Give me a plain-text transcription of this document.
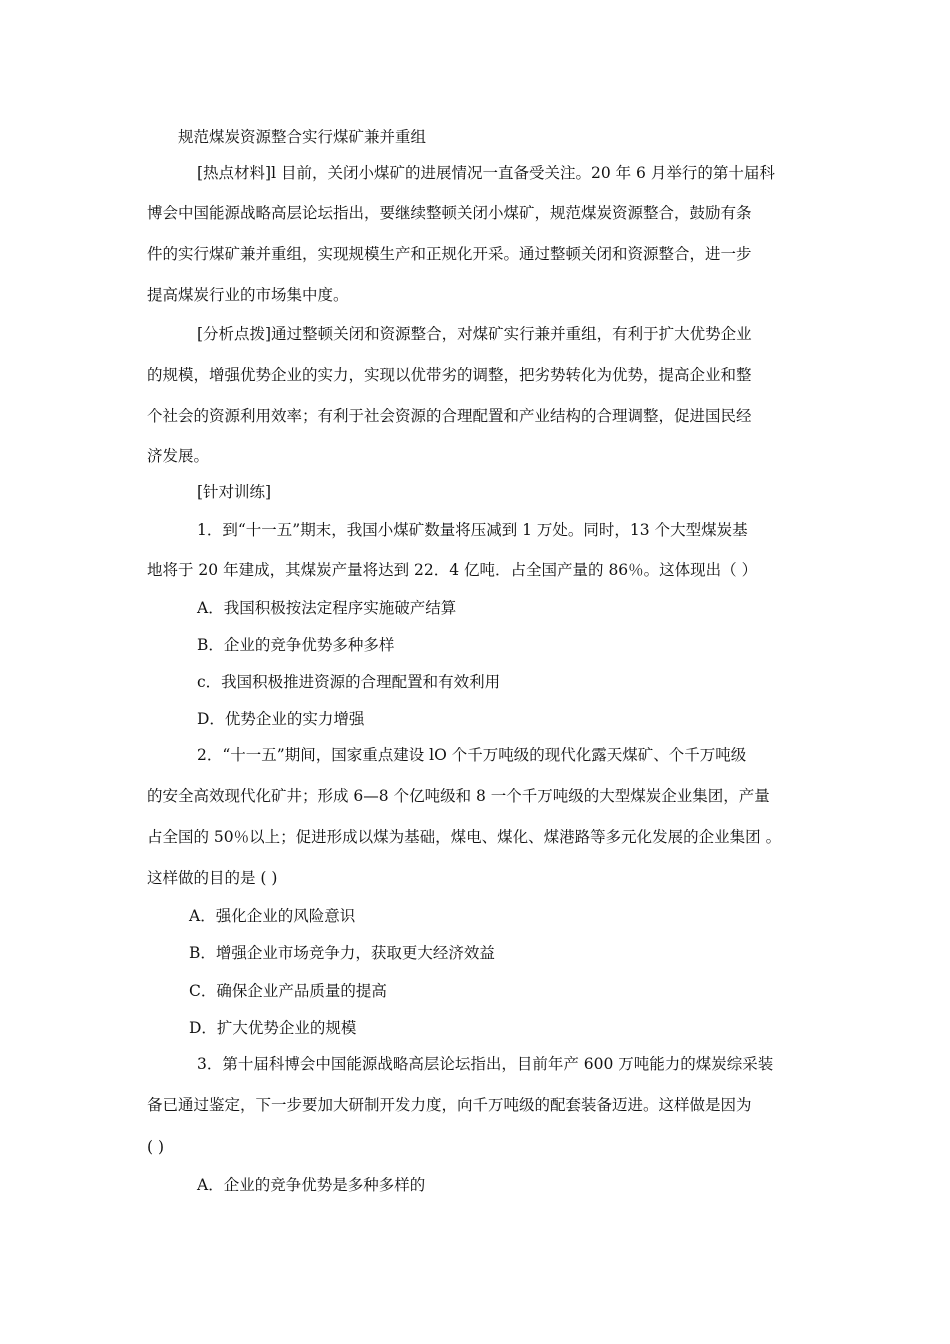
规范煤炭资源整合实行煤矿兼并重组
[热点材料]l 目前，关闭小煤矿的进展情况一直备受关注。20 年 6 月举行的第十届科
博会中国能源战略高层论坛指出，要继续整顿关闭小煤矿，规范煤炭资源整合，鼓励有条
件的实行煤矿兼并重组，实现规模生产和正规化开采。通过整顿关闭和资源整合，进一步
提高煤炭行业的市场集中度。
[分析点拨]通过整顿关闭和资源整合，对煤矿实行兼并重组，有利于扩大优势企业
的规模，增强优势企业的实力，实现以优带劣的调整，把劣势转化为优势，提高企业和整
个社会的资源利用效率；有利于社会资源的合理配置和产业结构的合理调整，促进国民经
济发展。
[针对训练]
1．到“十一五”期末，我国小煤矿数量将压减到 1 万处。同时，13 个大型煤炭基
地将于 20 年建成，其煤炭产量将达到 22．4 亿吨．占全国产量的 86％。这体现出（ ）
A．我国积极按法定程序实施破产结算
B．企业的竞争优势多种多样
c．我国积极推进资源的合理配置和有效利用
D．优势企业的实力增强
2．“十一五”期间，国家重点建设 lO 个千万吨级的现代化露天煤矿、个千万吨级
的安全高效现代化矿井；形成 6—8 个亿吨级和 8 一个千万吨级的大型煤炭企业集团，产量
占全国的 50％以上；促进形成以煤为基础，煤电、煤化、煤港路等多元化发展的企业集团 。
这样做的目的是 ( )
A．强化企业的风险意识
B．增强企业市场竞争力，获取更大经济效益
C．确保企业产品质量的提高
D．扩大优势企业的规模
3．第十届科博会中国能源战略高层论坛指出，目前年产 600 万吨能力的煤炭综采装
备已通过鉴定，下一步要加大研制开发力度，向千万吨级的配套装备迈进。这样做是因为
( )
A．企业的竞争优势是多种多样的
